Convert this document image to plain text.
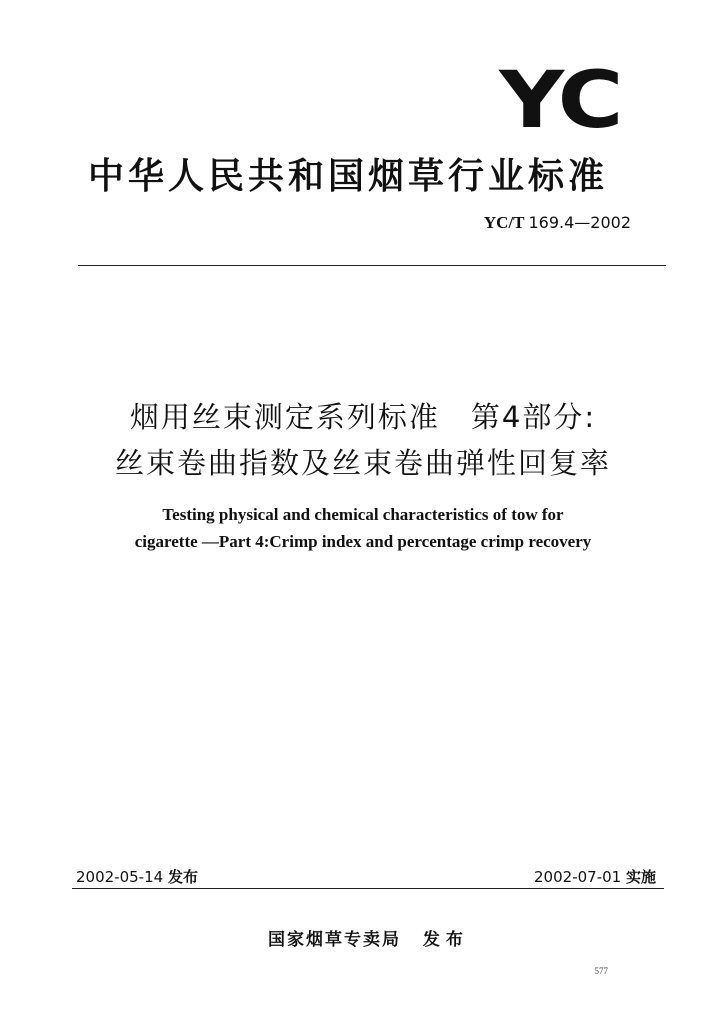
YC
中华人民共和国烟草行业标准
YC/T 169.4—2002
烟用丝束测定系列标准　第4部分:
丝束卷曲指数及丝束卷曲弹性回复率
Testing physical and chemical characteristics of tow for
cigarette —Part 4:Crimp index and percentage crimp recovery
2002-05-14 发布	2002-07-01 实施
国家烟草专卖局 发布
577
